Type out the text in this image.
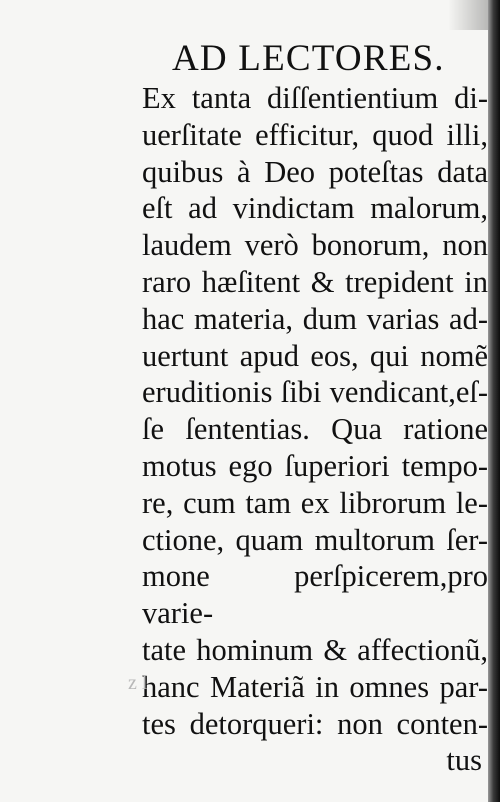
AD LECTORES.
Ex tanta diſſentientium di-
uerſitate efficitur, quod illi,
quibus à Deo poteſtas data
eſt ad vindictam malorum,
laudem verò bonorum, non
raro hæſitent & trepident in
hac materia, dum varias ad-
uertunt apud eos, qui nomẽ
eruditionis ſibi vendicant,eſ-
ſe ſententias. Qua ratione
motus ego ſuperiori tempo-
re, cum tam ex librorum le-
ctione, quam multorum ſer-
mone perſpicerem,pro varie-
tate hominum & affectionũ,
hanc Materiã in omnes par-
tes detorqueri: non conten-
tus
z l
